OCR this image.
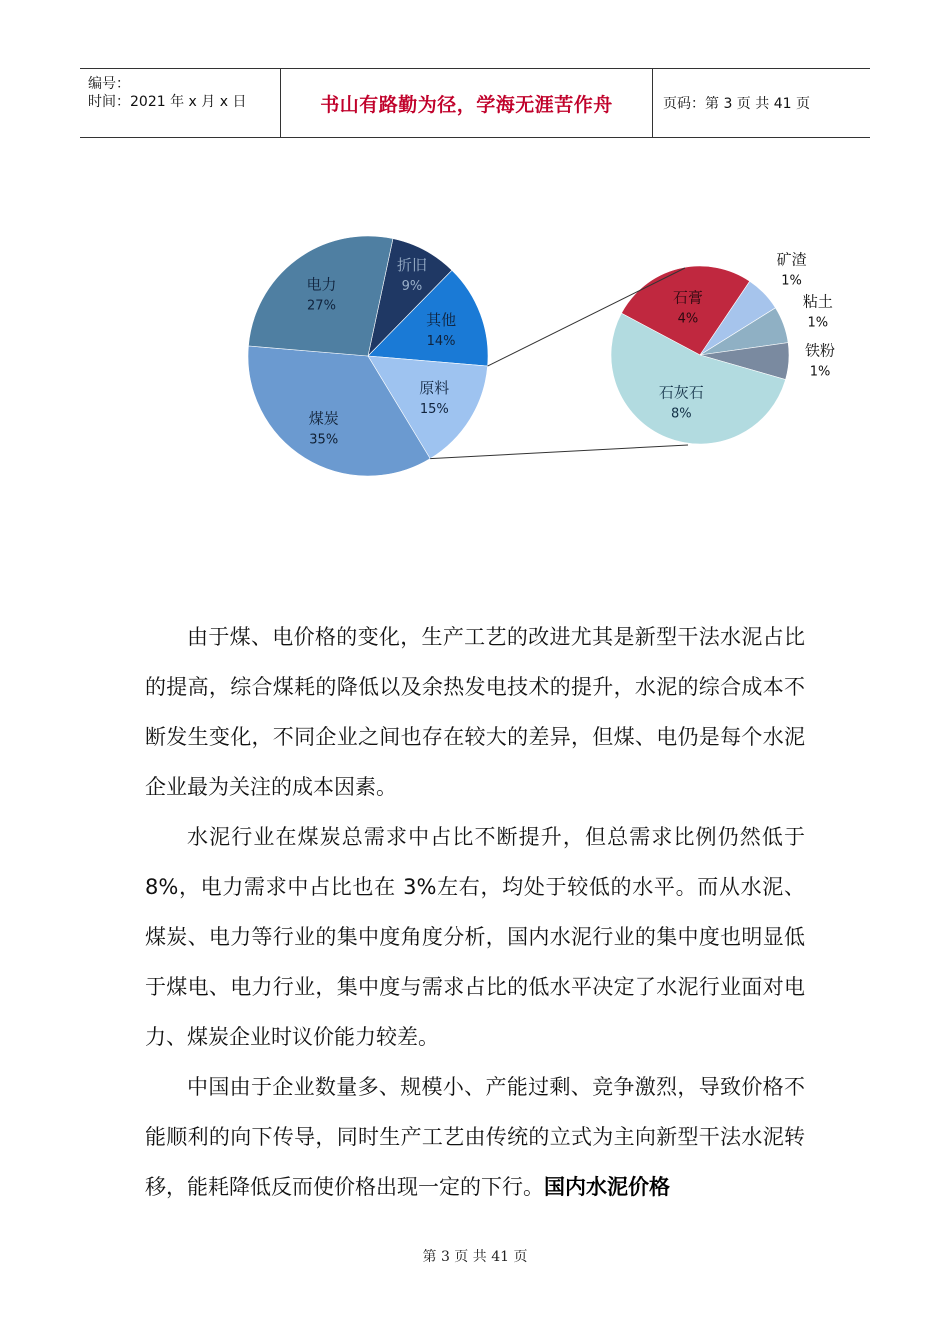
编号：
时间：2021 年 x 月 x 日	书山有路勤为径，学海无涯苦作舟	页码：第 3 页 共 41 页
折旧
9%
其他
14%
原料
15%
煤炭
35%
电力
27%	石膏
4%
矿渣
1%
粘土
1%
铁粉
1%
石灰石
8%

由于煤、电价格的变化，生产工艺的改进尤其是新型干法水泥占比的提高，综合煤耗的降低以及余热发电技术的提升，水泥的综合成本不断发生变化，不同企业之间也存在较大的差异，但煤、电仍是每个水泥企业最为关注的成本因素。

水泥行业在煤炭总需求中占比不断提升，但总需求比例仍然低于 8%，电力需求中占比也在 3%左右，均处于较低的水平。而从水泥、煤炭、电力等行业的集中度角度分析，国内水泥行业的集中度也明显低于煤电、电力行业，集中度与需求占比的低水平决定了水泥行业面对电力、煤炭企业时议价能力较差。

中国由于企业数量多、规模小、产能过剩、竞争激烈，导致价格不能顺利的向下传导，同时生产工艺由传统的立式为主向新型干法水泥转移，能耗降低反而使价格出现一定的下行。国内水泥价格

第 3 页 共 41 页
